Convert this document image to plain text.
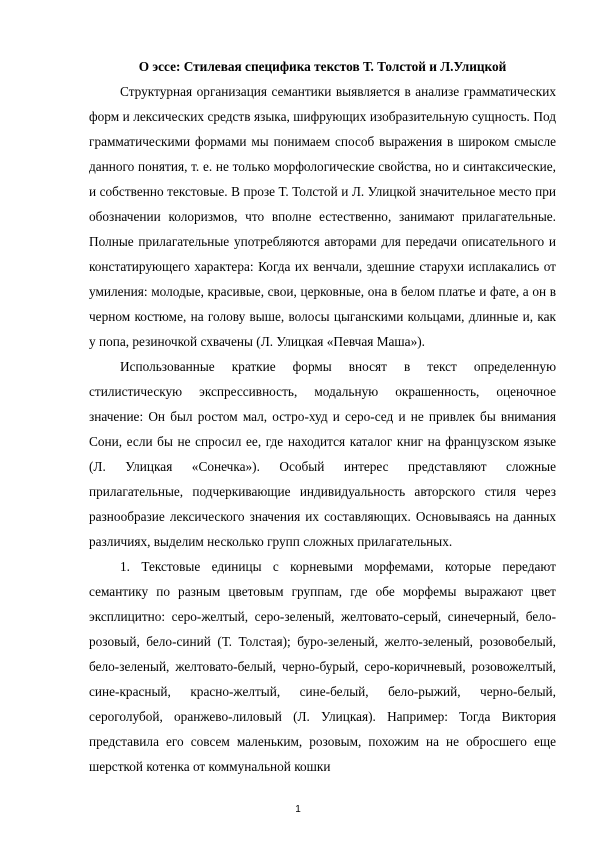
О эссе: Стилевая специфика текстов Т. Толстой и Л.Улицкой

Структурная организация семантики выявляется в анализе грамматических форм и лексических средств языка, шифрующих изобразительную сущность. Под грамматическими формами мы понимаем способ выражения в широком смысле данного понятия, т. е. не только морфологические свойства, но и синтаксические, и собственно текстовые. В прозе Т. Толстой и Л. Улицкой значительное место при обозначении колоризмов, что вполне естественно, занимают прилагательные. Полные прилагательные употребляются авторами для передачи описательного и констатирующего характера: Когда их венчали, здешние старухи исплакались от умиления: молодые, красивые, свои, церковные, она в белом платье и фате, а он в черном костюме, на голову выше, волосы цыганскими кольцами, длинные и, как у попа, резиночкой схвачены (Л. Улицкая «Певчая Маша»).

Использованные краткие формы вносят в текст определенную стилистическую экспрессивность, модальную окрашенность, оценочное значение: Он был ростом мал, остро-худ и серо-сед и не привлек бы внимания Сони, если бы не спросил ее, где находится каталог книг на французском языке (Л. Улицкая «Сонечка»). Особый интерес представляют сложные прилагательные, подчеркивающие индивидуальность авторского стиля через разнообразие лексического значения их составляющих. Основываясь на данных различиях, выделим несколько групп сложных прилагательных.

1. Текстовые единицы с корневыми морфемами, которые передают семантику по разным цветовым группам, где обе морфемы выражают цвет эксплицитно: серо-желтый, серо-зеленый, желтовато-серый, синечерный, бело-розовый, бело-синий (Т. Толстая); буро-зеленый, желто-зеленый, розовобелый, бело-зеленый, желтовато-белый, черно-бурый, серо-коричневый, розовожелтый, сине-красный, красно-желтый, сине-белый, бело-рыжий, черно-белый, сероголубой, оранжево-лиловый (Л. Улицкая). Например: Тогда Виктория представила его совсем маленьким, розовым, похожим на не обросшего еще шерсткой котенка от коммунальной кошки

1
